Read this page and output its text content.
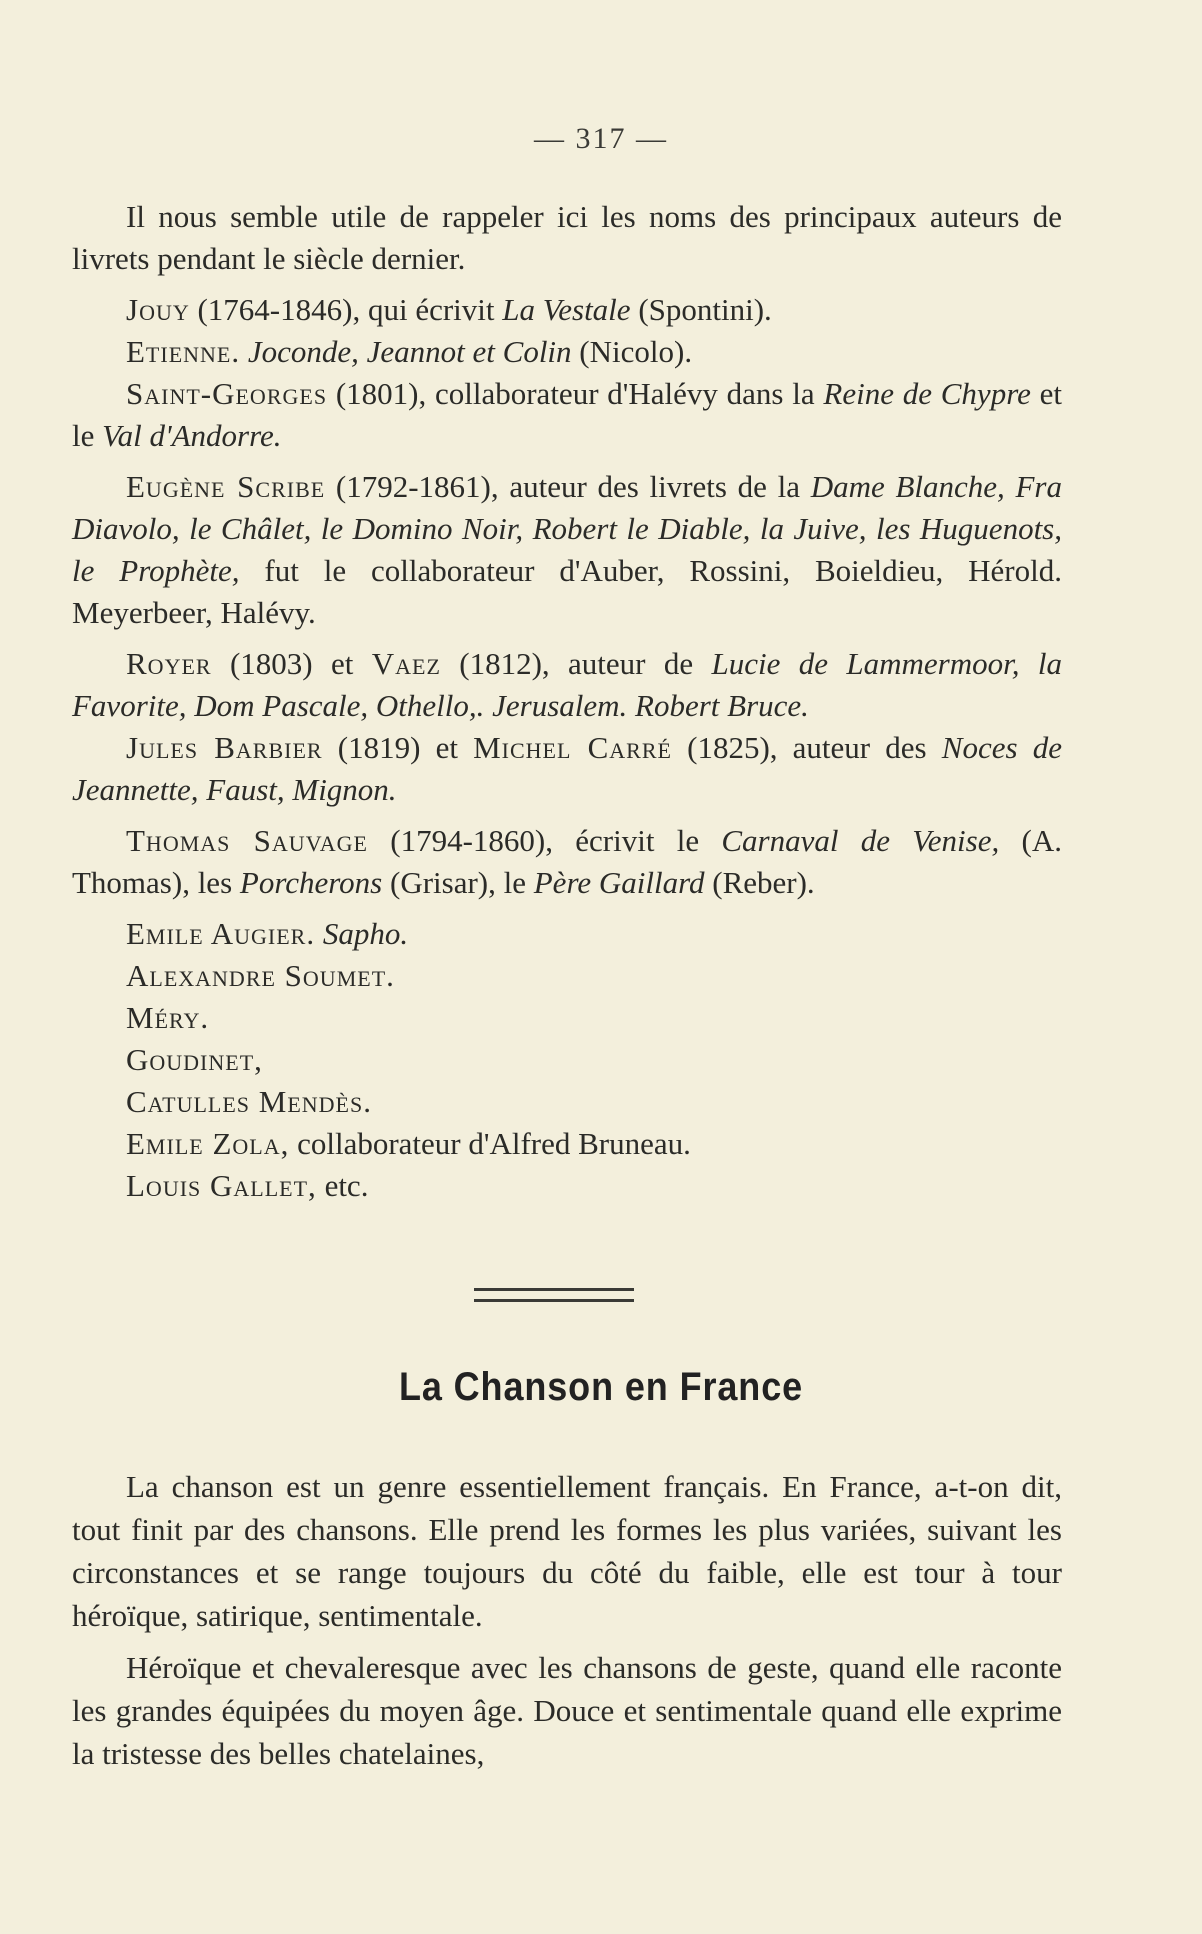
— 317 —

Il nous semble utile de rappeler ici les noms des principaux auteurs de livrets pendant le siècle dernier.

Jouy (1764-1846), qui écrivit La Vestale (Spontini).

Etienne. Joconde, Jeannot et Colin (Nicolo).

Saint-Georges (1801), collaborateur d'Halévy dans la Reine de Chypre et le Val d'Andorre.

Eugène Scribe (1792-1861), auteur des livrets de la Dame Blanche, Fra Diavolo, le Châlet, le Domino Noir, Robert le Diable, la Juive, les Huguenots, le Prophète, fut le collaborateur d'Auber, Rossini, Boieldieu, Hérold. Meyerbeer, Halévy.

Royer (1803) et Vaez (1812), auteur de Lucie de Lammermoor, la Favorite, Dom Pascale, Othello,. Jerusalem. Robert Bruce.

Jules Barbier (1819) et Michel Carré (1825), auteur des Noces de Jeannette, Faust, Mignon.

Thomas Sauvage (1794-1860), écrivit le Carnaval de Venise, (A. Thomas), les Porcherons (Grisar), le Père Gaillard (Reber).

Emile Augier. Sapho.

Alexandre Soumet.

Méry.

Goudinet,

Catulles Mendès.

Emile Zola, collaborateur d'Alfred Bruneau.

Louis Gallet, etc.

La Chanson en France

La chanson est un genre essentiellement français. En France, a-t-on dit, tout finit par des chansons. Elle prend les formes les plus variées, suivant les circonstances et se range toujours du côté du faible, elle est tour à tour héroïque, satirique, sentimentale.

Héroïque et chevaleresque avec les chansons de geste, quand elle raconte les grandes équipées du moyen âge. Douce et sentimentale quand elle exprime la tristesse des belles chatelaines,
